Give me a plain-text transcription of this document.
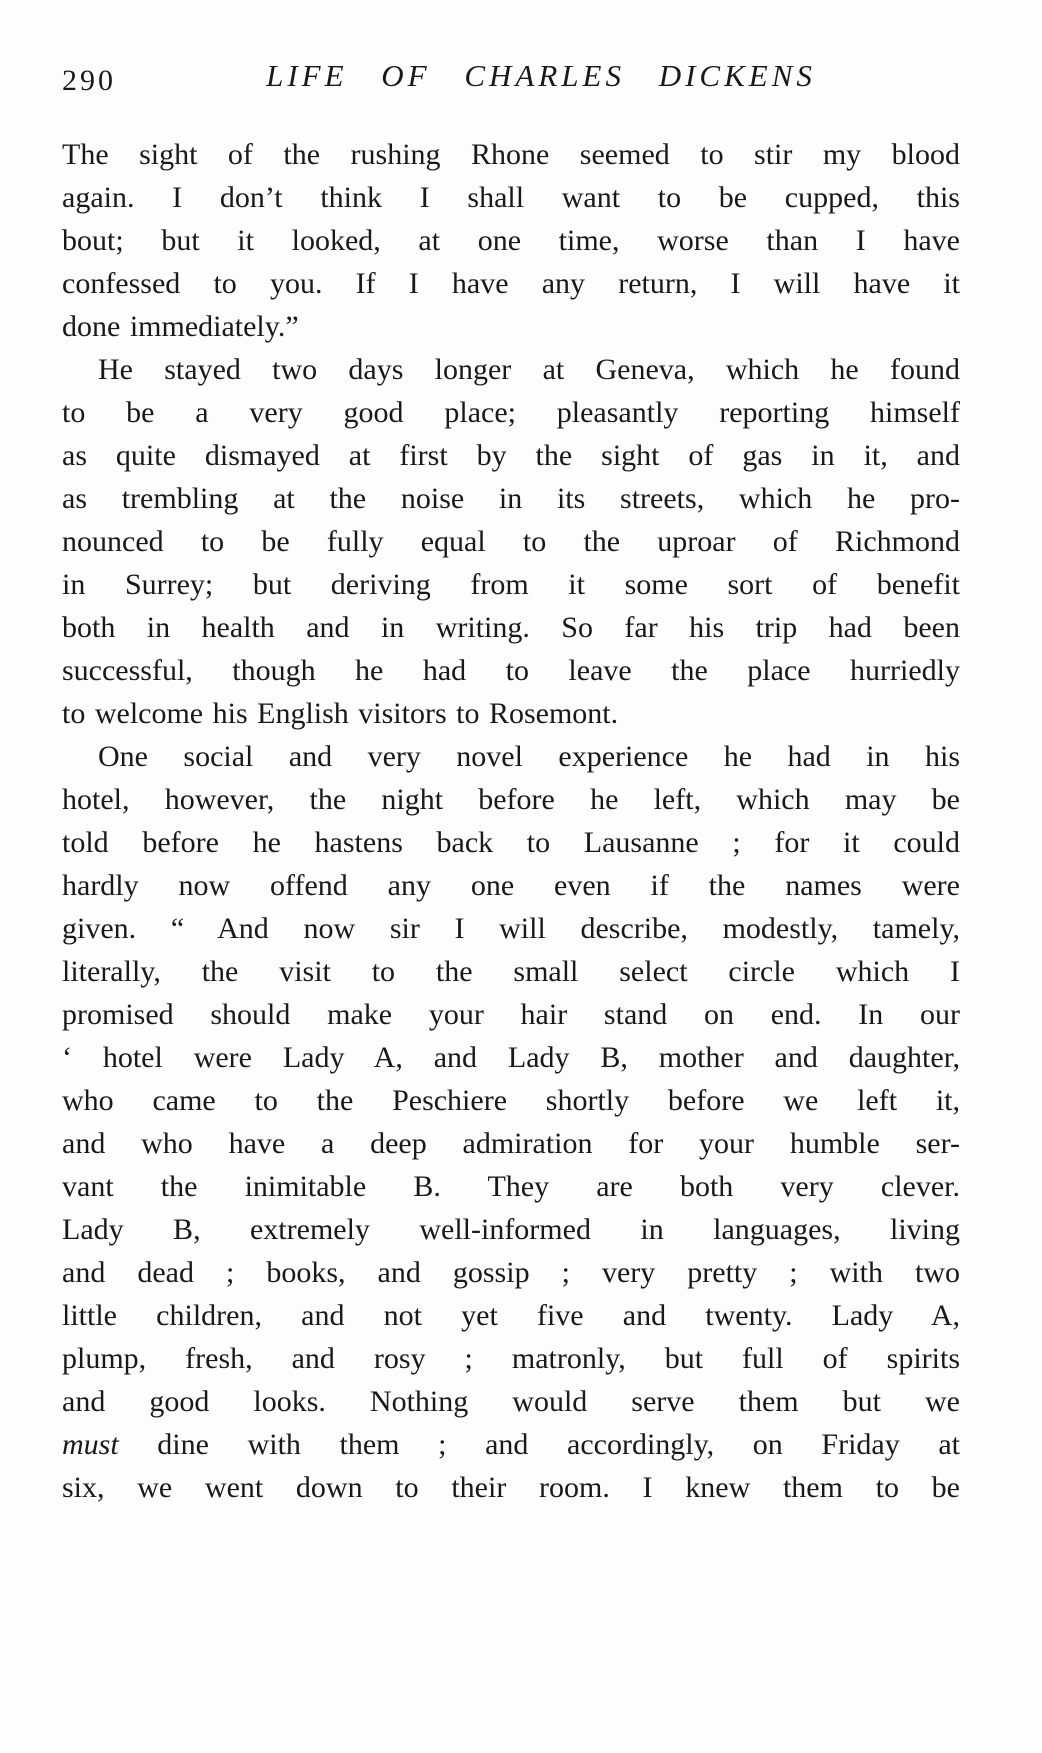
290	LIFE OF CHARLES DICKENS
The sight of the rushing Rhone seemed to stir my blood
again. I don’t think I shall want to be cupped, this
bout; but it looked, at one time, worse than I have
confessed to you. If I have any return, I will have it
done immediately.”
He stayed two days longer at Geneva, which he found
to be a very good place; pleasantly reporting himself
as quite dismayed at first by the sight of gas in it, and
as trembling at the noise in its streets, which he pro-
nounced to be fully equal to the uproar of Richmond
in Surrey; but deriving from it some sort of benefit
both in health and in writing. So far his trip had been
successful, though he had to leave the place hurriedly
to welcome his English visitors to Rosemont.
One social and very novel experience he had in his
hotel, however, the night before he left, which may be
told before he hastens back to Lausanne ; for it could
hardly now offend any one even if the names were
given. “ And now sir I will describe, modestly, tamely,
literally, the visit to the small select circle which I
promised should make your hair stand on end. In our
‘ hotel were Lady A, and Lady B, mother and daughter,
who came to the Peschiere shortly before we left it,
and who have a deep admiration for your humble ser-
vant the inimitable B. They are both very clever.
Lady B, extremely well-informed in languages, living
and dead ; books, and gossip ; very pretty ; with two
little children, and not yet five and twenty. Lady A,
plump, fresh, and rosy ; matronly, but full of spirits
and good looks. Nothing would serve them but we
must dine with them ; and accordingly, on Friday at
six, we went down to their room. I knew them to be
